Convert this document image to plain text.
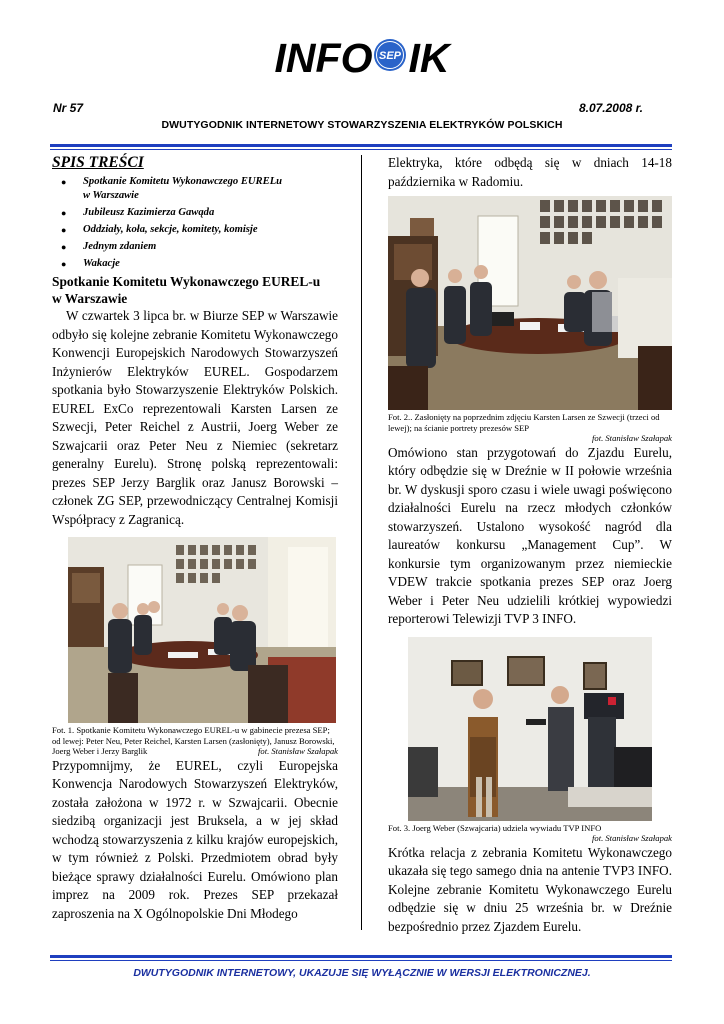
INFO SEP IK
Nr 57	8.07.2008 r.
DWUTYGODNIK INTERNETOWY STOWARZYSZENIA ELEKTRYKÓW POLSKICH
SPIS TREŚCI
● Spotkanie Komitetu Wykonawczego EURELu
w Warszawie
● Jubileusz Kazimierza Gawąda
● Oddziały, koła, sekcje, komitety, komisje
● Jednym zdaniem
● Wakacje
Spotkanie Komitetu Wykonawczego EUREL-u
w Warszawie

W czwartek 3 lipca br. w Biurze SEP w Warszawie odbyło się kolejne zebranie Komitetu Wykonawczego Konwencji Europejskich Narodowych Stowarzyszeń Inżynierów Elektryków EUREL. Gospodarzem spotkania było Stowarzyszenie Elektryków Polskich. EUREL ExCo reprezentowali Karsten Larsen ze Szwecji, Peter Reichel z Austrii, Joerg Weber ze Szwajcarii oraz Peter Neu z Niemiec (sekretarz generalny Eurelu). Stronę polską reprezentowali: prezes SEP Jerzy Barglik oraz Janusz Borowski – członek ZG SEP, przewodniczący Centralnej Komisji Współpracy z Zagranicą.

Fot. 1. Spotkanie Komitetu Wykonawczego EUREL-u w gabinecie prezesa SEP; od lewej: Peter Neu, Peter Reichel, Karsten Larsen (zasłonięty), Janusz Borowski, Joerg Weber i Jerzy Barglik	fot. Stanisław Szałapak

Przypomnijmy, że EUREL, czyli Europejska Konwencja Narodowych Stowarzyszeń Elektryków, została założona w 1972 r. w Szwajcarii. Obecnie siedzibą organizacji jest Bruksela, a w jej skład wchodzą stowarzyszenia z kilku krajów europejskich, w tym również z Polski. Przedmiotem obrad były bieżące sprawy działalności Eurelu. Omówiono plan imprez na 2009 rok. Prezes SEP przekazał zaproszenia na X Ogólnopolskie Dni Młodego

Elektryka, które odbędą się w dniach 14-18 października w Radomiu.

Fot. 2.. Zasłonięty na poprzednim zdjęciu Karsten Larsen ze Szwecji (trzeci od lewej); na ścianie portrety prezesów SEP
fot. Stanisław Szałapak

Omówiono stan przygotowań do Zjazdu Eurelu, który odbędzie się w Dreźnie w II połowie września br. W dyskusji sporo czasu i wiele uwagi poświęcono działalności Eurelu na rzecz młodych członków stowarzyszeń. Ustalono wysokość nagród dla laureatów konkursu „Management Cup”. W konkursie tym organizowanym przez niemieckie VDEW trakcie spotkania prezes SEP oraz Joerg Weber i Peter Neu udzielili krótkiej wypowiedzi reporterowi Telewizji TVP 3 INFO.

Fot. 3. Joerg Weber (Szwajcaria) udziela wywiadu TVP INFO
fot. Stanisław Szałapak

Krótka relacja z zebrania Komitetu Wykonawczego ukazała się tego samego dnia na antenie TVP3 INFO. Kolejne zebranie Komitetu Wykonawczego Eurelu odbędzie się w dniu 25 września br. w Dreźnie bezpośrednio przez Zjazdem Eurelu.

DWUTYGODNIK INTERNETOWY, UKAZUJE SIĘ WYŁĄCZNIE W WERSJI ELEKTRONICZNEJ.
